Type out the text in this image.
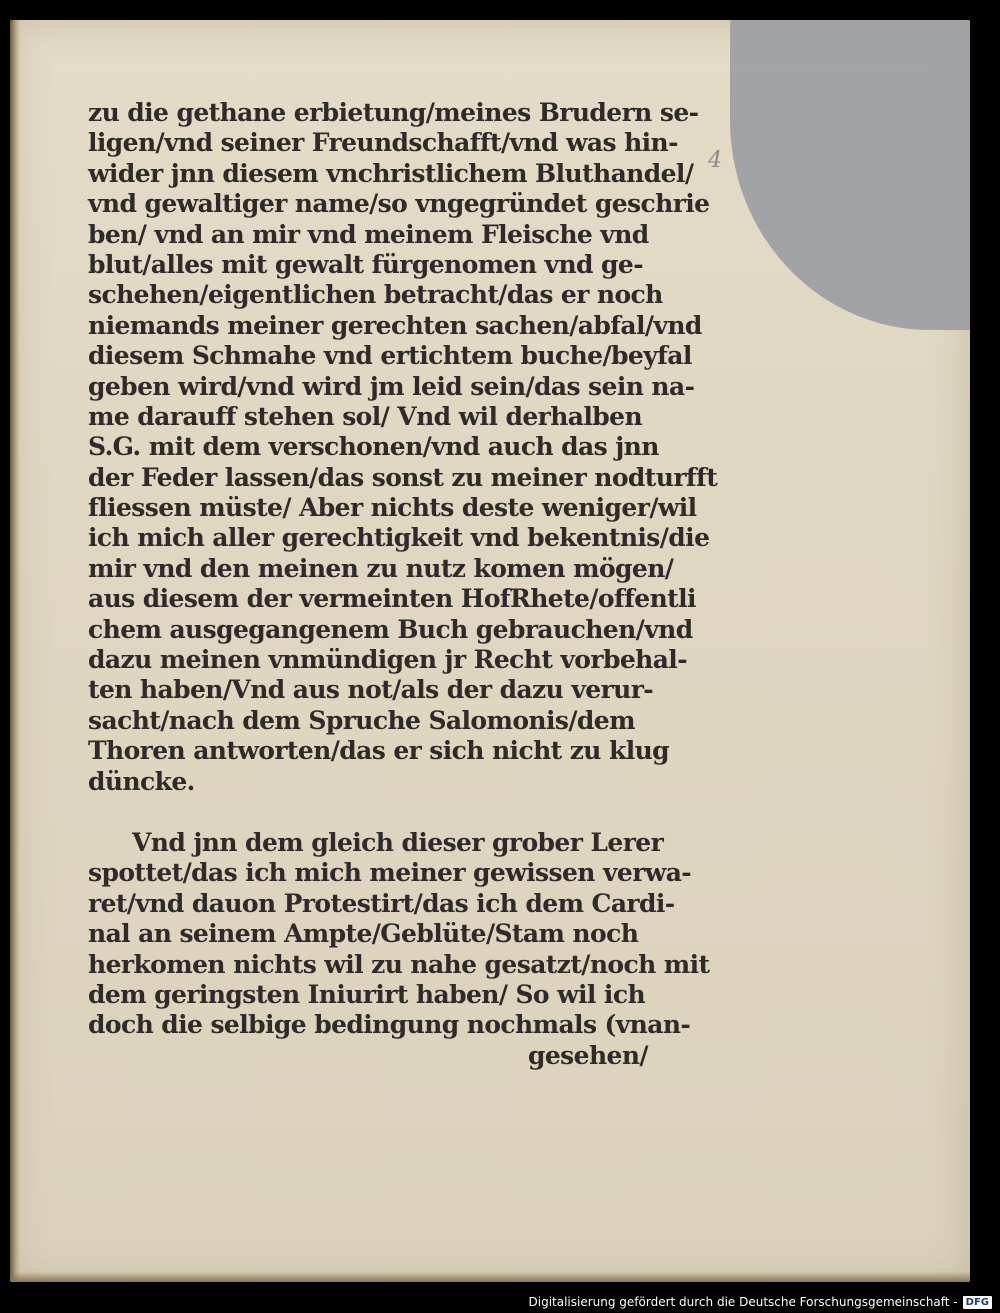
4
zu die gethane erbietung/meines Brudern se-
ligen/vnd seiner Freundschafft/vnd was hin-
wider jnn diesem vnchristlichem Bluthandel/
vnd gewaltiger name/so vngegründet geschrie
ben/ vnd an mir vnd meinem Fleische vnd
blut/alles mit gewalt fürgenomen vnd ge-
schehen/eigentlichen betracht/das er noch
niemands meiner gerechten sachen/abfal/vnd
diesem Schmahe vnd ertichtem buche/beyfal
geben wird/vnd wird jm leid sein/das sein na-
me darauff stehen sol/ Vnd wil derhalben
S.G. mit dem verschonen/vnd auch das jnn
der Feder lassen/das sonst zu meiner nodturfft
fliessen müste/ Aber nichts deste weniger/wil
ich mich aller gerechtigkeit vnd bekentnis/die
mir vnd den meinen zu nutz komen mögen/
aus diesem der vermeinten HofRhete/offentli
chem ausgegangenem Buch gebrauchen/vnd
dazu meinen vnmündigen jr Recht vorbehal-
ten haben/Vnd aus not/als der dazu verur-
sacht/nach dem Spruche Salomonis/dem
Thoren antworten/das er sich nicht zu klug
düncke.
Vnd jnn dem gleich dieser grober Lerer
spottet/das ich mich meiner gewissen verwa-
ret/vnd dauon Protestirt/das ich dem Cardi-
nal an seinem Ampte/Geblüte/Stam noch
herkomen nichts wil zu nahe gesatzt/noch mit
dem geringsten Iniurirt haben/ So wil ich
doch die selbige bedingung nochmals (vnan-
gesehen/
Digitalisierung gefördert durch die Deutsche Forschungsgemeinschaft - DFG
